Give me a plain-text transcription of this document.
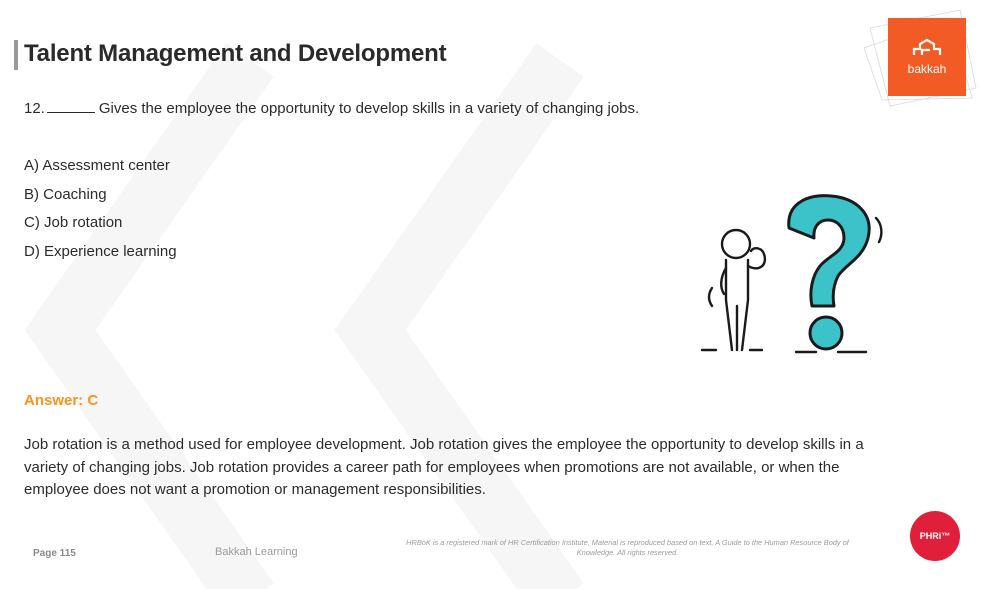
Talent Management and Development
bakkah
12.	Gives the employee the opportunity to develop skills in a variety of changing jobs.
A) Assessment center
B) Coaching
C) Job rotation
D) Experience learning
Answer: C
Job rotation is a method used for employee development. Job rotation gives the employee the opportunity to develop skills in a variety of changing jobs. Job rotation provides a career path for employees when promotions are not available, or when the employee does not want a promotion or management responsibilities.
Page 115	Bakkah Learning
HRBoK is a registered mark of HR Certification Institute, Material is reproduced based on text, A Guide to the Human Resource Body of Knowledge. All rights reserved.
PHRi™
